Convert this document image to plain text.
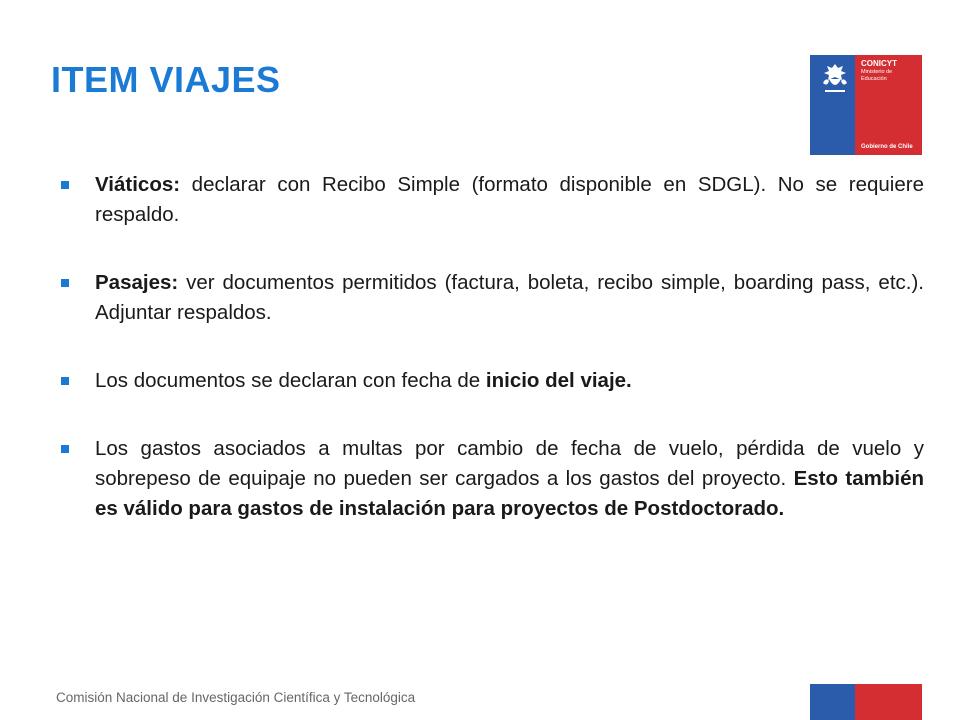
ITEM VIAJES	CONICYT
Ministerio de
Educación
Gobierno de Chile

Viáticos: declarar con Recibo Simple (formato disponible en SDGL). No se requiere respaldo.

Pasajes: ver documentos permitidos (factura, boleta, recibo simple, boarding pass, etc.). Adjuntar respaldos.

Los documentos se declaran con fecha de inicio del viaje.

Los gastos asociados a multas por cambio de fecha de vuelo, pérdida de vuelo y sobrepeso de equipaje no pueden ser cargados a los gastos del proyecto. Esto también es válido para gastos de instalación para proyectos de Postdoctorado.

Comisión Nacional de Investigación Científica y Tecnológica
